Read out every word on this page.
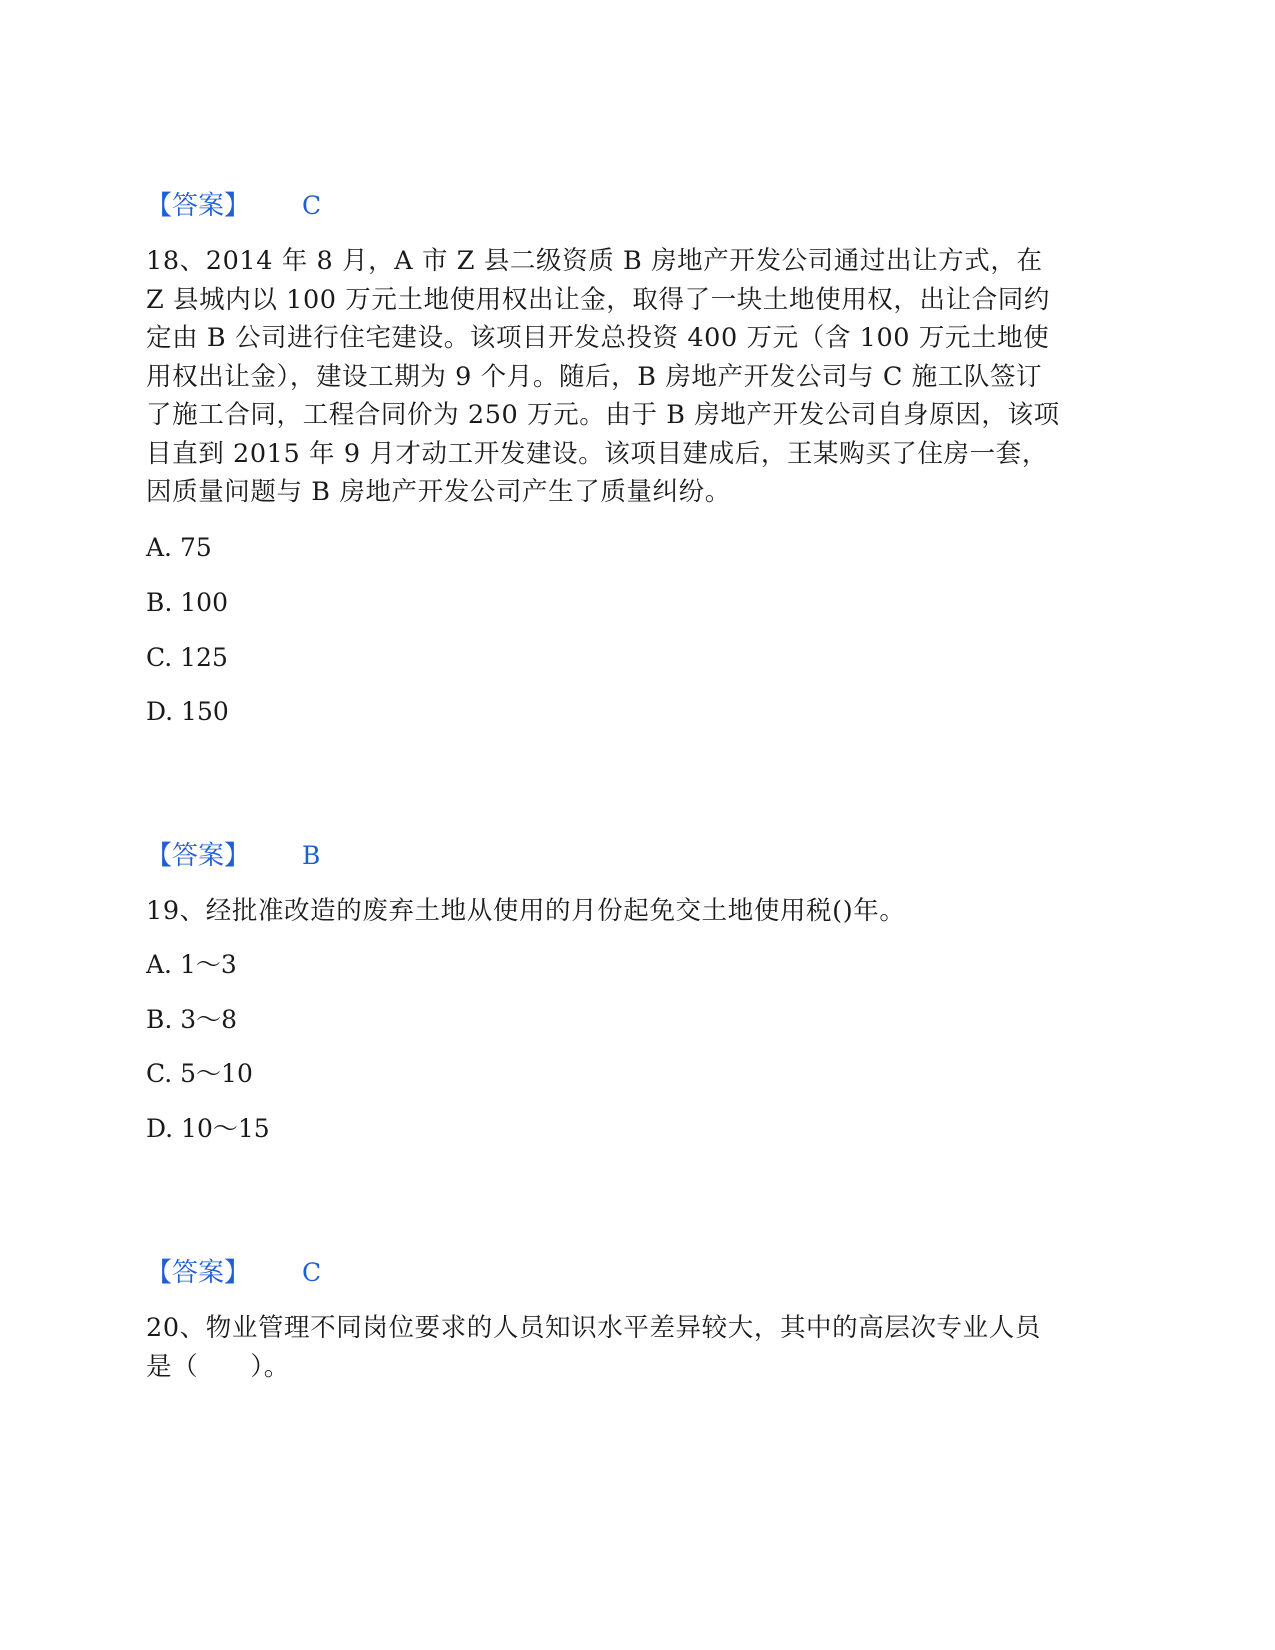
【答案】 C
18、2014 年 8 月，A 市 Z 县二级资质 B 房地产开发公司通过出让方式，在 Z 县城内以 100 万元土地使用权出让金，取得了一块土地使用权，出让合同约定由 B 公司进行住宅建设。该项目开发总投资 400 万元（含 100 万元土地使用权出让金），建设工期为 9 个月。随后，B 房地产开发公司与 C 施工队签订了施工合同，工程合同价为 250 万元。由于 B 房地产开发公司自身原因，该项目直到 2015 年 9 月才动工开发建设。该项目建成后，王某购买了住房一套，因质量问题与 B 房地产开发公司产生了质量纠纷。
A. 75
B. 100
C. 125
D. 150
【答案】 B
19、经批准改造的废弃土地从使用的月份起免交土地使用税()年。
A. 1～3
B. 3～8
C. 5～10
D. 10～15
【答案】 C
20、物业管理不同岗位要求的人员知识水平差异较大，其中的高层次专业人员是（　　）。
